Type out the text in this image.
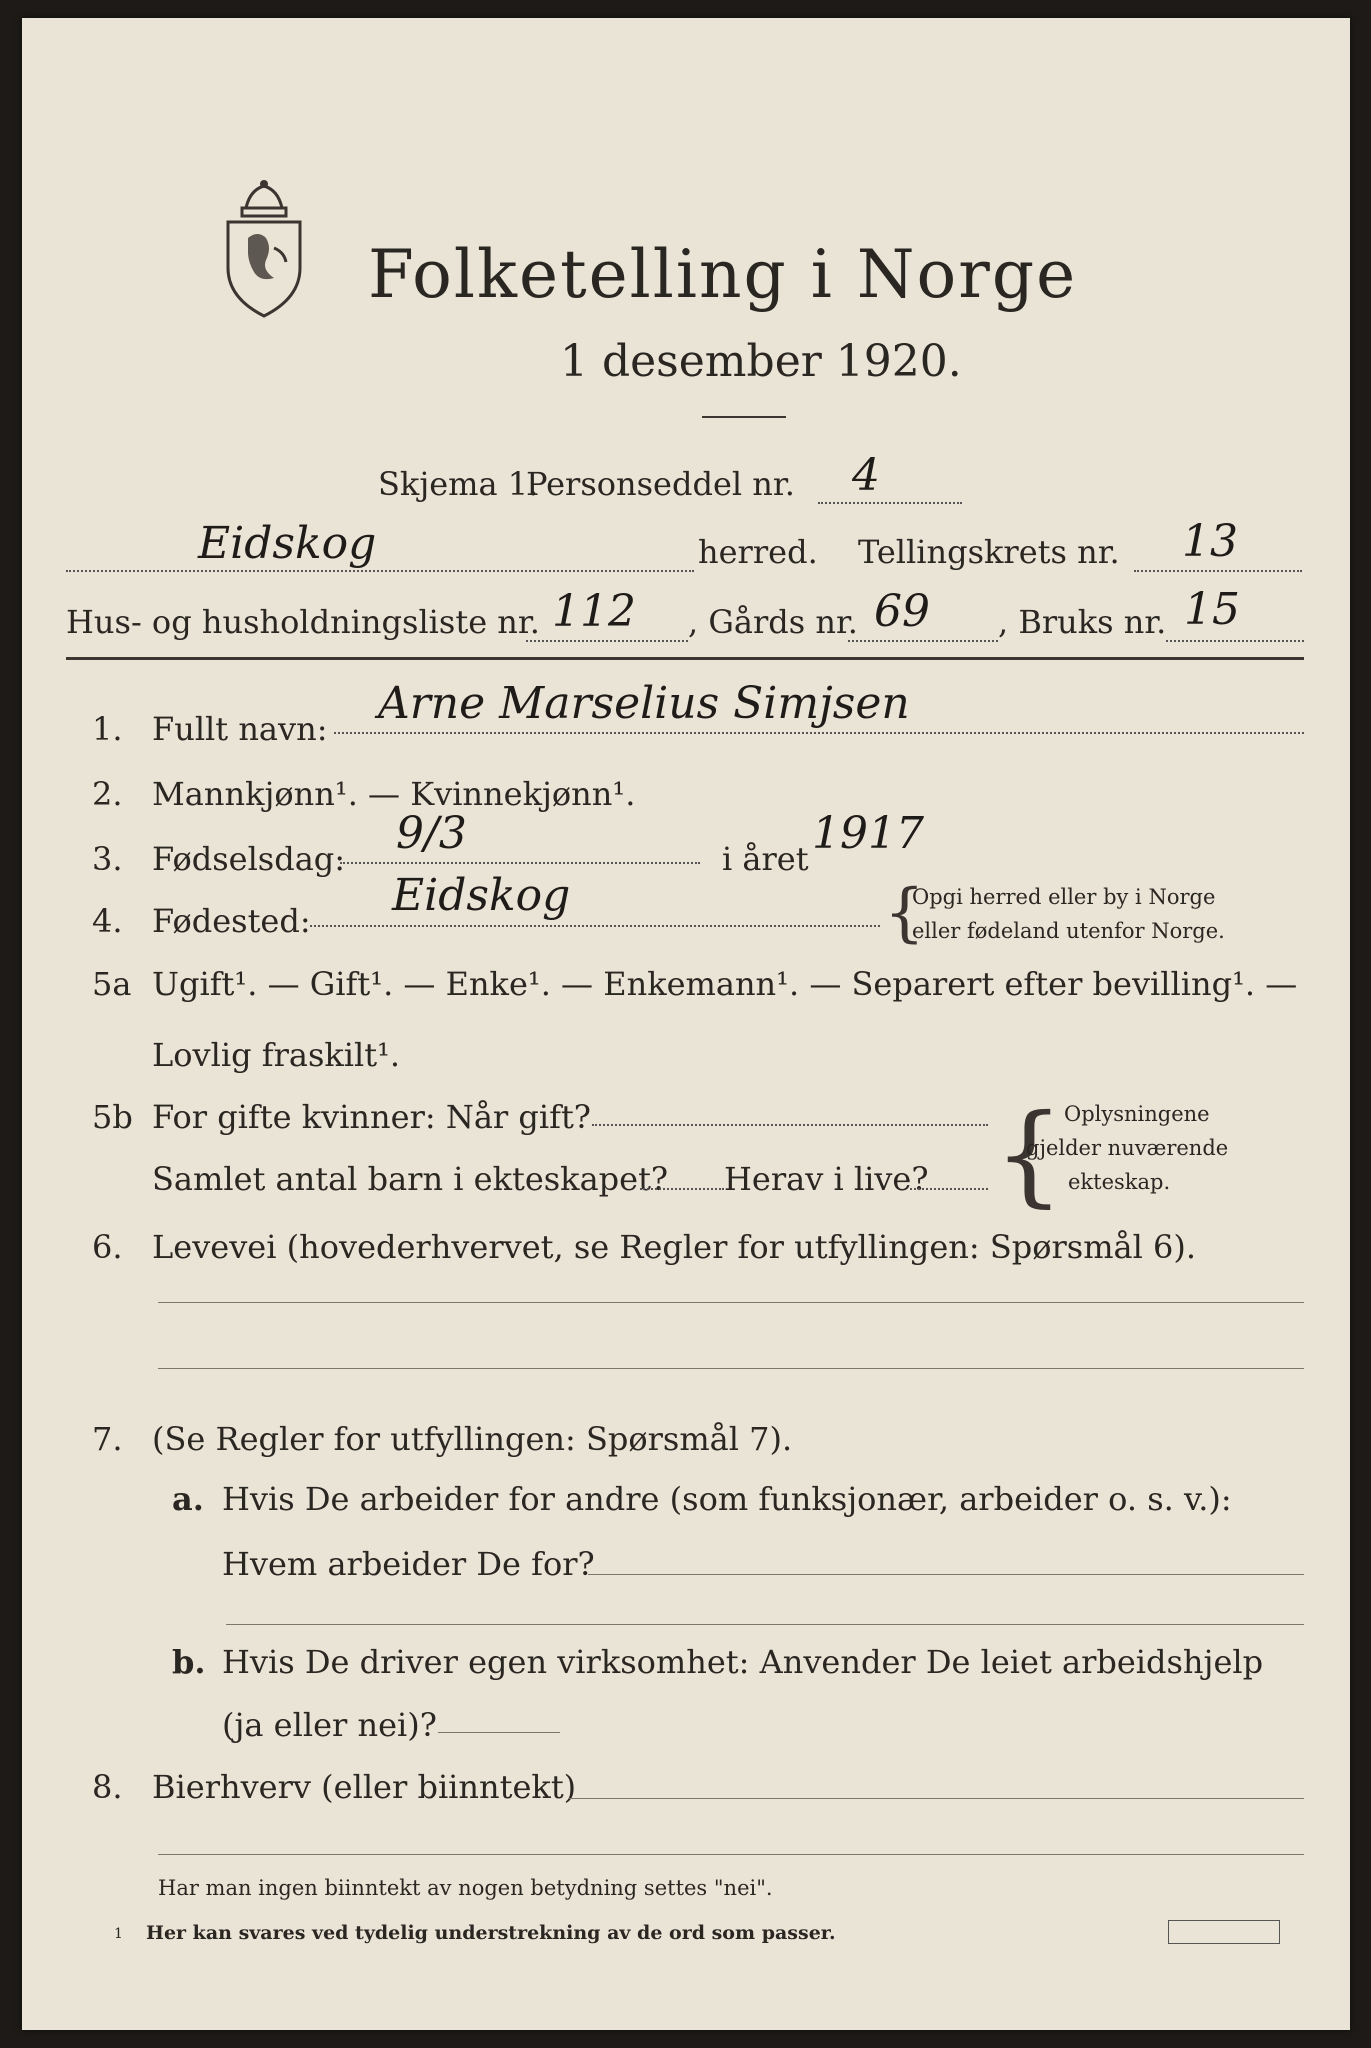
Folketelling i Norge
1 desember 1920.
Skjema 1.
Personseddel nr. 4
Eidskog	herred. Tellingskrets nr. 13
Hus- og husholdningsliste nr. 112 , Gårds nr. 69 , Bruks nr. 15
1. Fullt navn: Arne Marselius Simjsen
2. Mannkjønn¹. — Kvinnekjønn¹.
3. Fødselsdag: 9/3	i året 1917
4. Fødested: Eidskog	{
Opgi herred eller by i Norge
eller fødeland utenfor Norge.
5a Ugift¹. — Gift¹. — Enke¹. — Enkemann¹. — Separert efter bevilling¹. —
Lovlig fraskilt¹.
5b For gifte kvinner: Når gift?
Samlet antal barn i ekteskapet? Herav i live? { Oplysningene
gjelder nuværende
ekteskap.
6. Levevei (hovederhvervet, se Regler for utfyllingen: Spørsmål 6).
7. (Se Regler for utfyllingen: Spørsmål 7).
a. Hvis De arbeider for andre (som funksjonær, arbeider o. s. v.):
Hvem arbeider De for?
b. Hvis De driver egen virksomhet: Anvender De leiet arbeidshjelp
(ja eller nei)?
8. Bierhverv (eller biinntekt)
Har man ingen biinntekt av nogen betydning settes "nei".
1 Her kan svares ved tydelig understrekning av de ord som passer.
